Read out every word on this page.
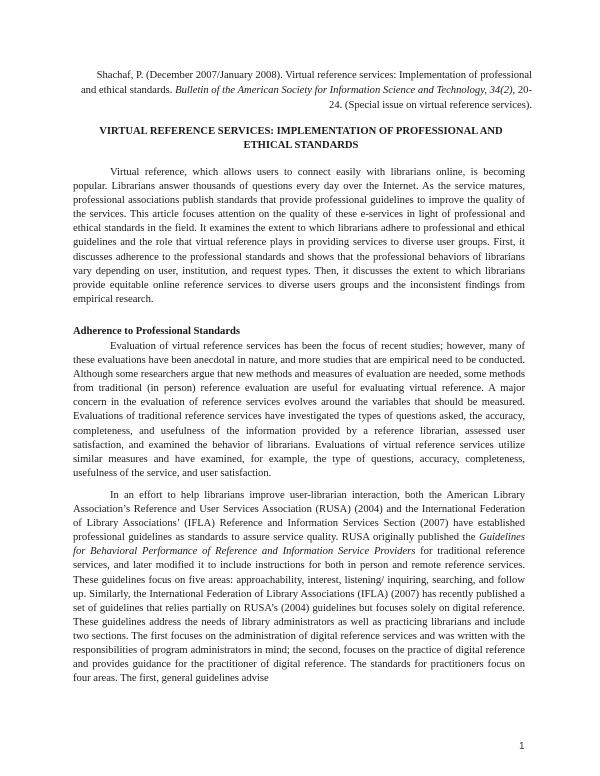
Shachaf, P. (December 2007/January 2008). Virtual reference services: Implementation of professional and ethical standards. Bulletin of the American Society for Information Science and Technology, 34(2), 20-24. (Special issue on virtual reference services).
VIRTUAL REFERENCE SERVICES: IMPLEMENTATION OF PROFESSIONAL AND ETHICAL STANDARDS

Virtual reference, which allows users to connect easily with librarians online, is becoming popular. Librarians answer thousands of questions every day over the Internet. As the service matures, professional associations publish standards that provide professional guidelines to improve the quality of the services. This article focuses attention on the quality of these e-services in light of professional and ethical standards in the field. It examines the extent to which librarians adhere to professional and ethical guidelines and the role that virtual reference plays in providing services to diverse user groups. First, it discusses adherence to the professional standards and shows that the professional behaviors of librarians vary depending on user, institution, and request types. Then, it discusses the extent to which librarians provide equitable online reference services to diverse users groups and the inconsistent findings from empirical research.

Adherence to Professional Standards

Evaluation of virtual reference services has been the focus of recent studies; however, many of these evaluations have been anecdotal in nature, and more studies that are empirical need to be conducted. Although some researchers argue that new methods and measures of evaluation are needed, some methods from traditional (in person) reference evaluation are useful for evaluating virtual reference. A major concern in the evaluation of reference services evolves around the variables that should be measured. Evaluations of traditional reference services have investigated the types of questions asked, the accuracy, completeness, and usefulness of the information provided by a reference librarian, assessed user satisfaction, and examined the behavior of librarians. Evaluations of virtual reference services utilize similar measures and have examined, for example, the type of questions, accuracy, completeness, usefulness of the service, and user satisfaction.

In an effort to help librarians improve user-librarian interaction, both the American Library Association’s Reference and User Services Association (RUSA) (2004) and the International Federation of Library Associations’ (IFLA) Reference and Information Services Section (2007) have established professional guidelines as standards to assure service quality. RUSA originally published the Guidelines for Behavioral Performance of Reference and Information Service Providers for traditional reference services, and later modified it to include instructions for both in person and remote reference services. These guidelines focus on five areas: approachability, interest, listening/ inquiring, searching, and follow up. Similarly, the International Federation of Library Associations (IFLA) (2007) has recently published a set of guidelines that relies partially on RUSA’s (2004) guidelines but focuses solely on digital reference. These guidelines address the needs of library administrators as well as practicing librarians and include two sections. The first focuses on the administration of digital reference services and was written with the responsibilities of program administrators in mind; the second, focuses on the practice of digital reference and provides guidance for the practitioner of digital reference. The standards for practitioners focus on four areas. The first, general guidelines advise

1
